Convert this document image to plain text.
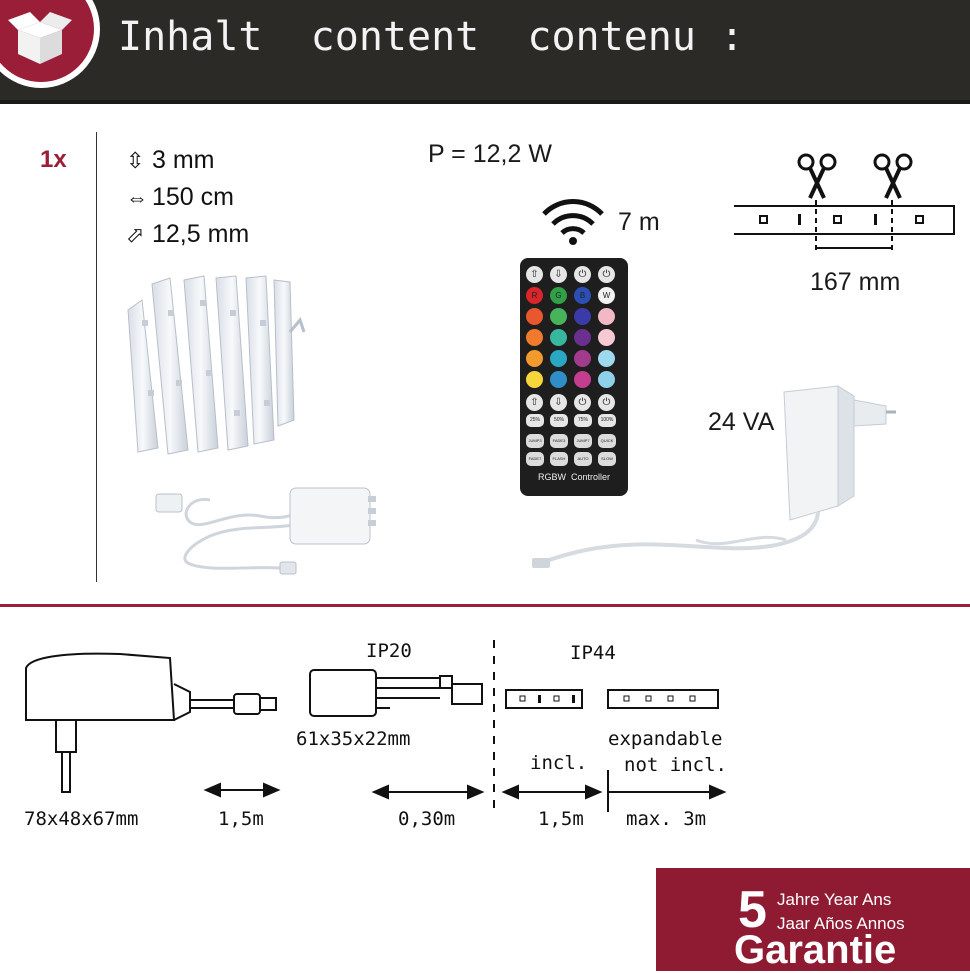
Inhalt  content  contenu :
1x	⇳ 3 mm
⇔ 150 cm
⬀ 12,5 mm
P = 12,2 W
7 m
⇧	⇩	⏻	⏻
R	G	B	W
⇧	⇩	⏻	⏻
25%	50%	75%	100%
JUMP3	FADE3	JUMP7	QUICK
FADE7	FLASH	AUTO	SLOW
RGBW Controller
167 mm
24 VA
78x48x67mm	1,5m
IP20
61x35x22mm
0,30m
IP44
incl.
1,5m
expandable
not incl.
max. 3m
5 Jahre Year Ans
Jaar Años Annos
Garantie
